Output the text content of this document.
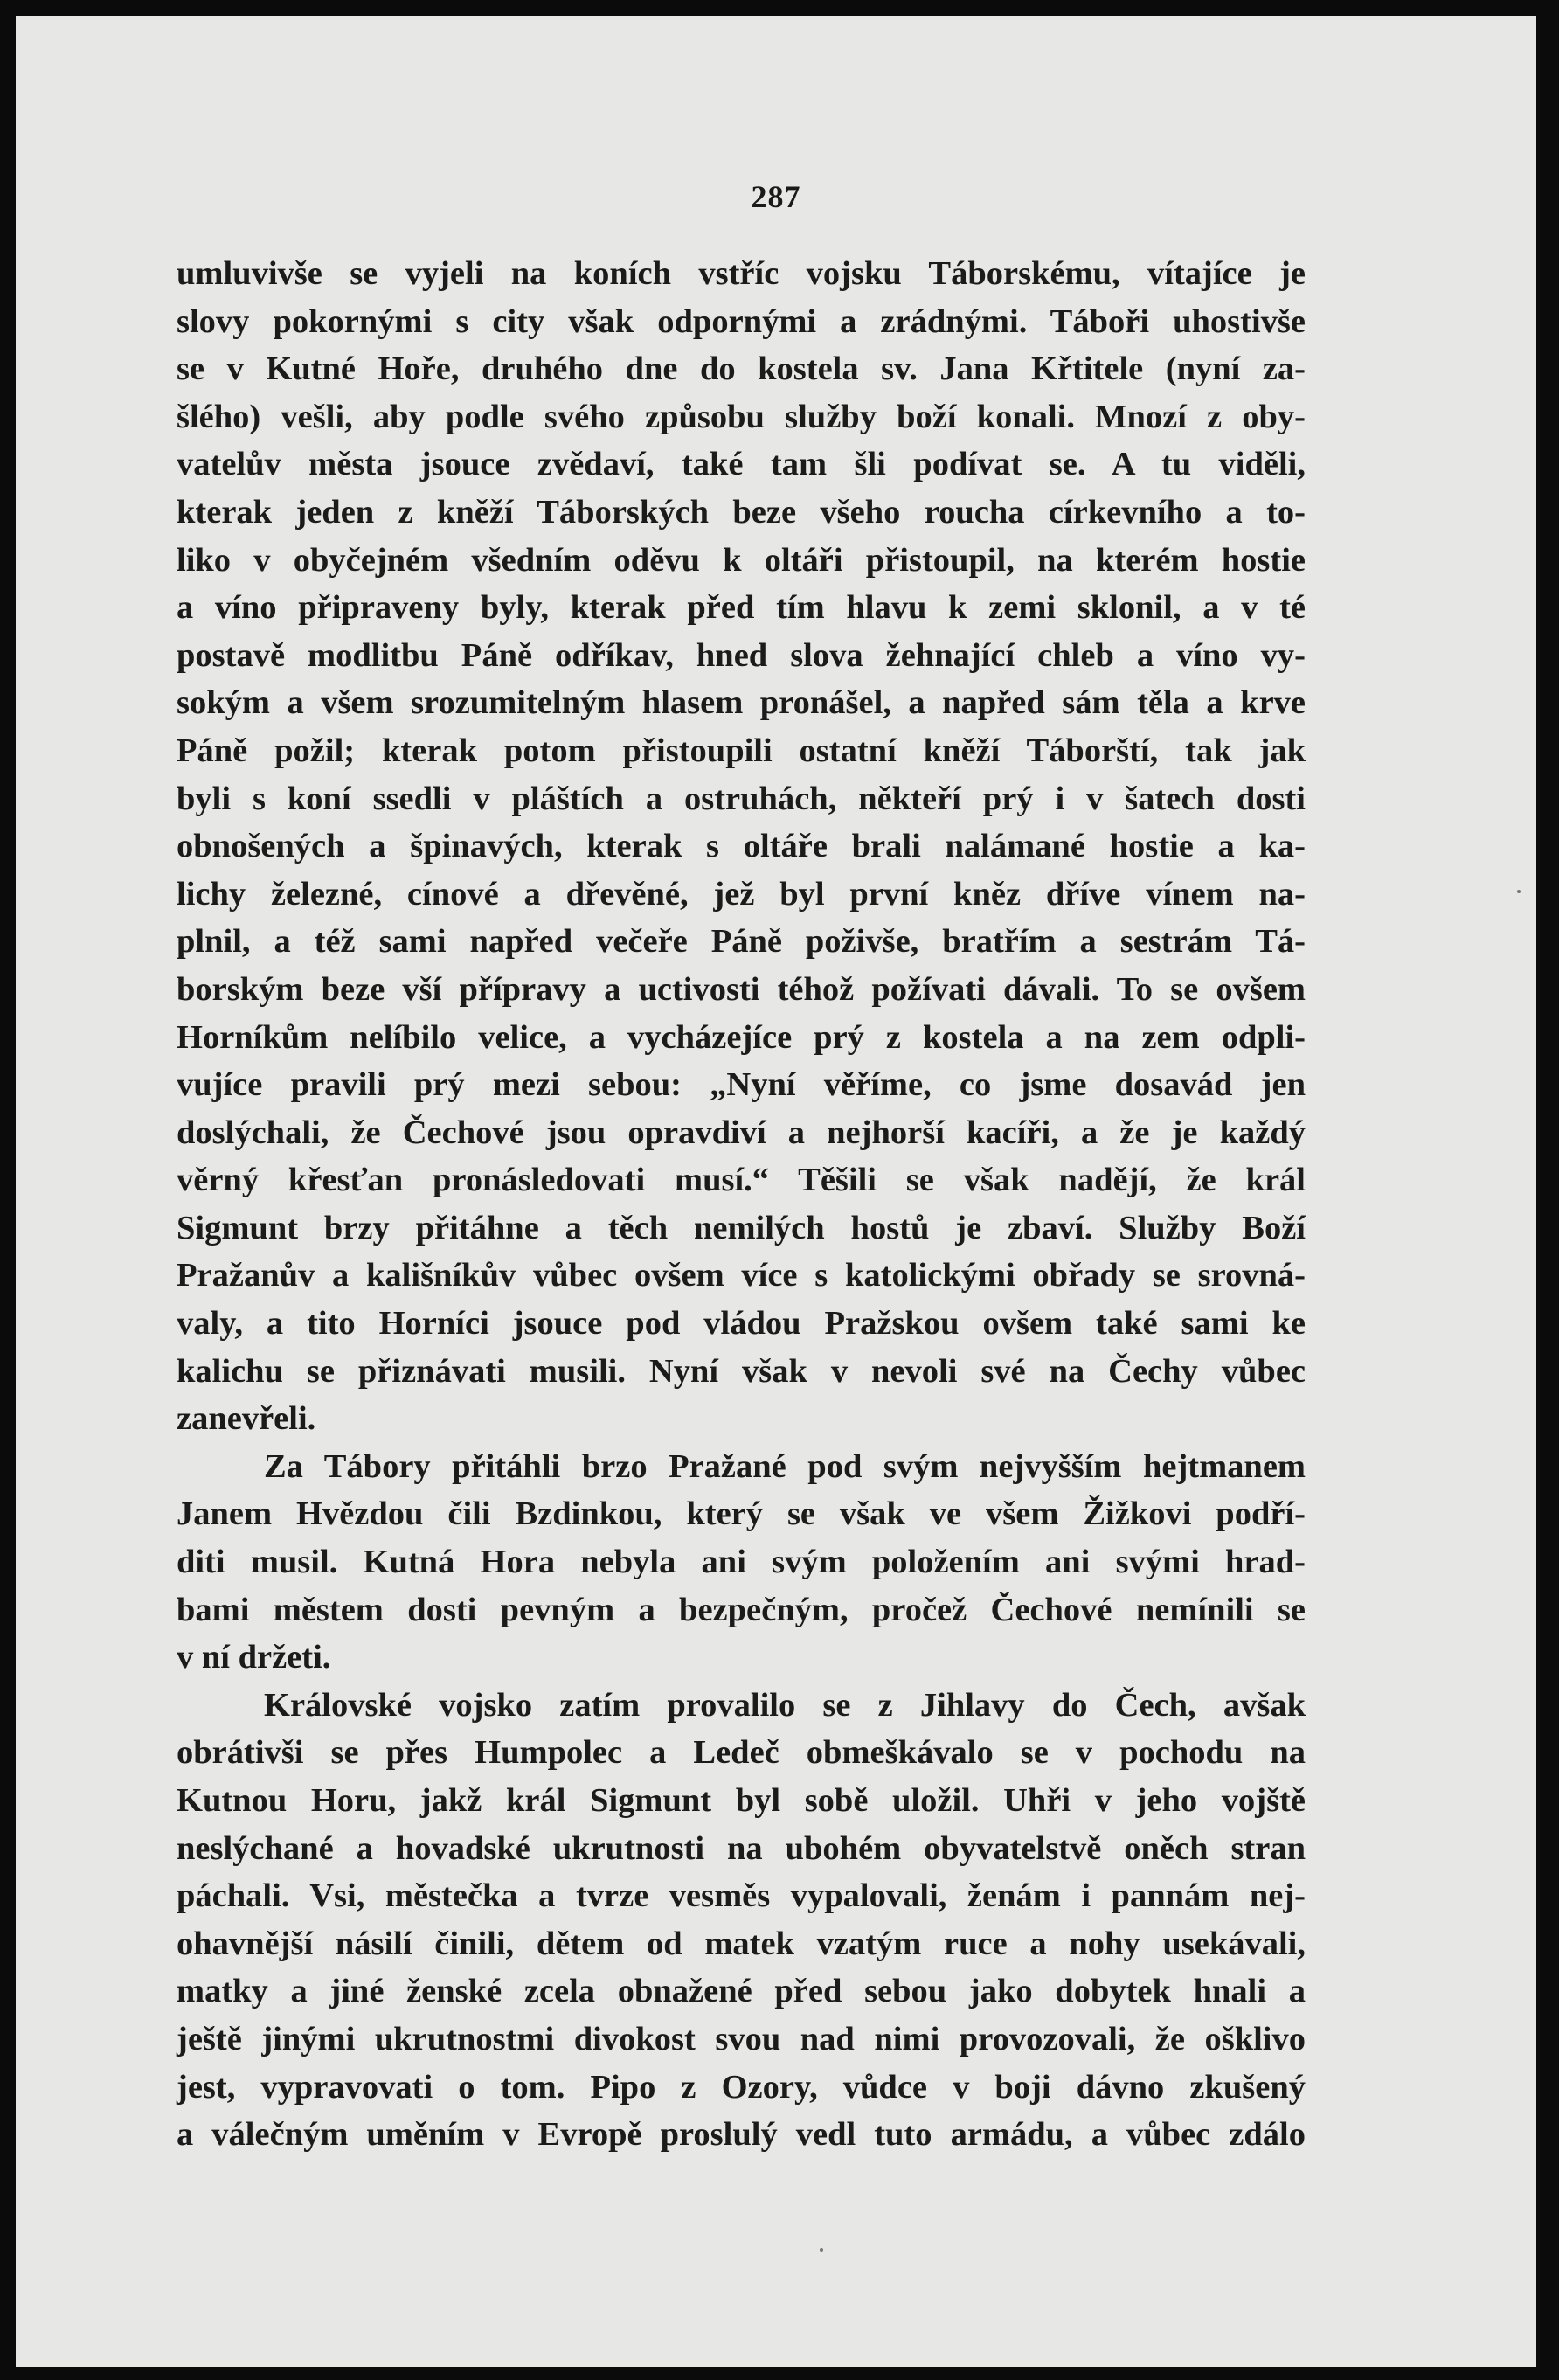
287
umluvivše se vyjeli na koních vstříc vojsku Táborskému, vítajíce je
slovy pokornými s city však odpornými a zrádnými. Táboři uhostivše
se v Kutné Hoře, druhého dne do kostela sv. Jana Křtitele (nyní za-
šlého) vešli, aby podle svého způsobu služby boží konali. Mnozí z oby-
vatelův města jsouce zvědaví, také tam šli podívat se. A tu viděli,
kterak jeden z kněží Táborských beze všeho roucha církevního a to-
liko v obyčejném všedním oděvu k oltáři přistoupil, na kterém hostie
a víno připraveny byly, kterak před tím hlavu k zemi sklonil, a v té
postavě modlitbu Páně odříkav, hned slova žehnající chleb a víno vy-
sokým a všem srozumitelným hlasem pronášel, a napřed sám těla a krve
Páně požil; kterak potom přistoupili ostatní kněží Táborští, tak jak
byli s koní ssedli v pláštích a ostruhách, někteří prý i v šatech dosti
obnošených a špinavých, kterak s oltáře brali nalámané hostie a ka-
lichy železné, cínové a dřevěné, jež byl první kněz dříve vínem na-
plnil, a též sami napřed večeře Páně poživše, bratřím a sestrám Tá-
borským beze vší přípravy a uctivosti téhož požívati dávali. To se ovšem
Horníkům nelíbilo velice, a vycházejíce prý z kostela a na zem odpli-
vujíce pravili prý mezi sebou: „Nyní věříme, co jsme dosavád jen
doslýchali, že Čechové jsou opravdiví a nejhorší kacíři, a že je každý
věrný křesťan pronásledovati musí.“ Těšili se však nadějí, že král
Sigmunt brzy přitáhne a těch nemilých hostů je zbaví. Služby Boží
Pražanův a kališníkův vůbec ovšem více s katolickými obřady se srovná-
valy, a tito Horníci jsouce pod vládou Pražskou ovšem také sami ke
kalichu se přiznávati musili. Nyní však v nevoli své na Čechy vůbec
zanevřeli.
Za Tábory přitáhli brzo Pražané pod svým nejvyšším hejtmanem
Janem Hvězdou čili Bzdinkou, který se však ve všem Žižkovi podří-
diti musil. Kutná Hora nebyla ani svým položením ani svými hrad-
bami městem dosti pevným a bezpečným, pročež Čechové nemínili se
v ní držeti.
Královské vojsko zatím provalilo se z Jihlavy do Čech, avšak
obrátivši se přes Humpolec a Ledeč obmeškávalo se v pochodu na
Kutnou Horu, jakž král Sigmunt byl sobě uložil. Uhři v jeho vojště
neslýchané a hovadské ukrutnosti na ubohém obyvatelstvě oněch stran
páchali. Vsi, městečka a tvrze vesměs vypalovali, ženám i pannám nej-
ohavnější násilí činili, dětem od matek vzatým ruce a nohy usekávali,
matky a jiné ženské zcela obnažené před sebou jako dobytek hnali a
ještě jinými ukrutnostmi divokost svou nad nimi provozovali, že ošklivo
jest, vypravovati o tom. Pipo z Ozory, vůdce v boji dávno zkušený
a válečným uměním v Evropě proslulý vedl tuto armádu, a vůbec zdálo
